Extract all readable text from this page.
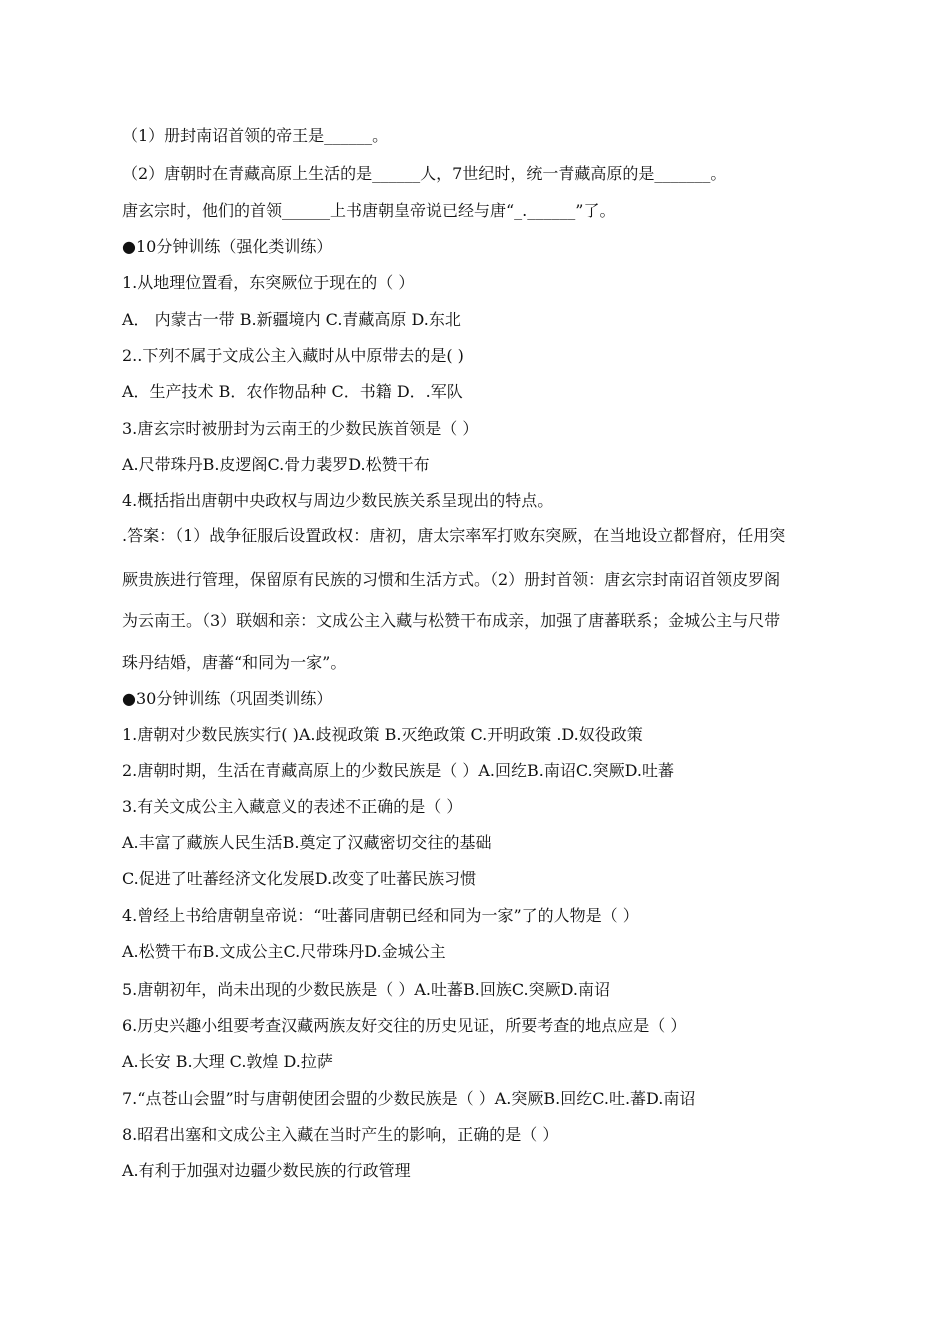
（1）册封南诏首领的帝王是______。
（2）唐朝时在青藏高原上生活的是______人，7世纪时，统一青藏高原的是_______。
唐玄宗时，他们的首领______上书唐朝皇帝说已经与唐“_.______”了。
●10分钟训练（强化类训练）
1.从地理位置看，东突厥位于现在的（ ）
A． 内蒙古一带 B.新疆境内 C.青藏高原 D.东北
2..下列不属于文成公主入藏时从中原带去的是( )
A．生产技术 B．农作物品种 C．书籍 D．.军队
3.唐玄宗时被册封为云南王的少数民族首领是（ ）
A.尺带珠丹B.皮逻阁C.骨力裴罗D.松赞干布
4.概括指出唐朝中央政权与周边少数民族关系呈现出的特点。
.答案：（1）战争征服后设置政权：唐初，唐太宗率军打败东突厥，在当地设立都督府，任用突
厥贵族进行管理，保留原有民族的习惯和生活方式。（2）册封首领：唐玄宗封南诏首领皮罗阁
为云南王。（3）联姻和亲：文成公主入藏与松赞干布成亲，加强了唐蕃联系；金城公主与尺带
珠丹结婚，唐蕃“和同为一家”。
●30分钟训练（巩固类训练）
1.唐朝对少数民族实行( )A.歧视政策 B.灭绝政策 C.开明政策 .D.奴役政策
2.唐朝时期，生活在青藏高原上的少数民族是（ ）A.回纥B.南诏C.突厥D.吐蕃
3.有关文成公主入藏意义的表述不正确的是（ ）
A.丰富了藏族人民生活B.奠定了汉藏密切交往的基础
C.促进了吐蕃经济文化发展D.改变了吐蕃民族习惯
4.曾经上书给唐朝皇帝说：“吐蕃同唐朝已经和同为一家”了的人物是（ ）
A.松赞干布B.文成公主C.尺带珠丹D.金城公主
5.唐朝初年，尚未出现的少数民族是（ ）A.吐蕃B.回族C.突厥D.南诏
6.历史兴趣小组要考查汉藏两族友好交往的历史见证，所要考查的地点应是（ ）
A.长安 B.大理 C.敦煌 D.拉萨
7.“点苍山会盟”时与唐朝使团会盟的少数民族是（ ）A.突厥B.回纥C.吐.蕃D.南诏
8.昭君出塞和文成公主入藏在当时产生的影响，正确的是（ ）
A.有利于加强对边疆少数民族的行政管理
